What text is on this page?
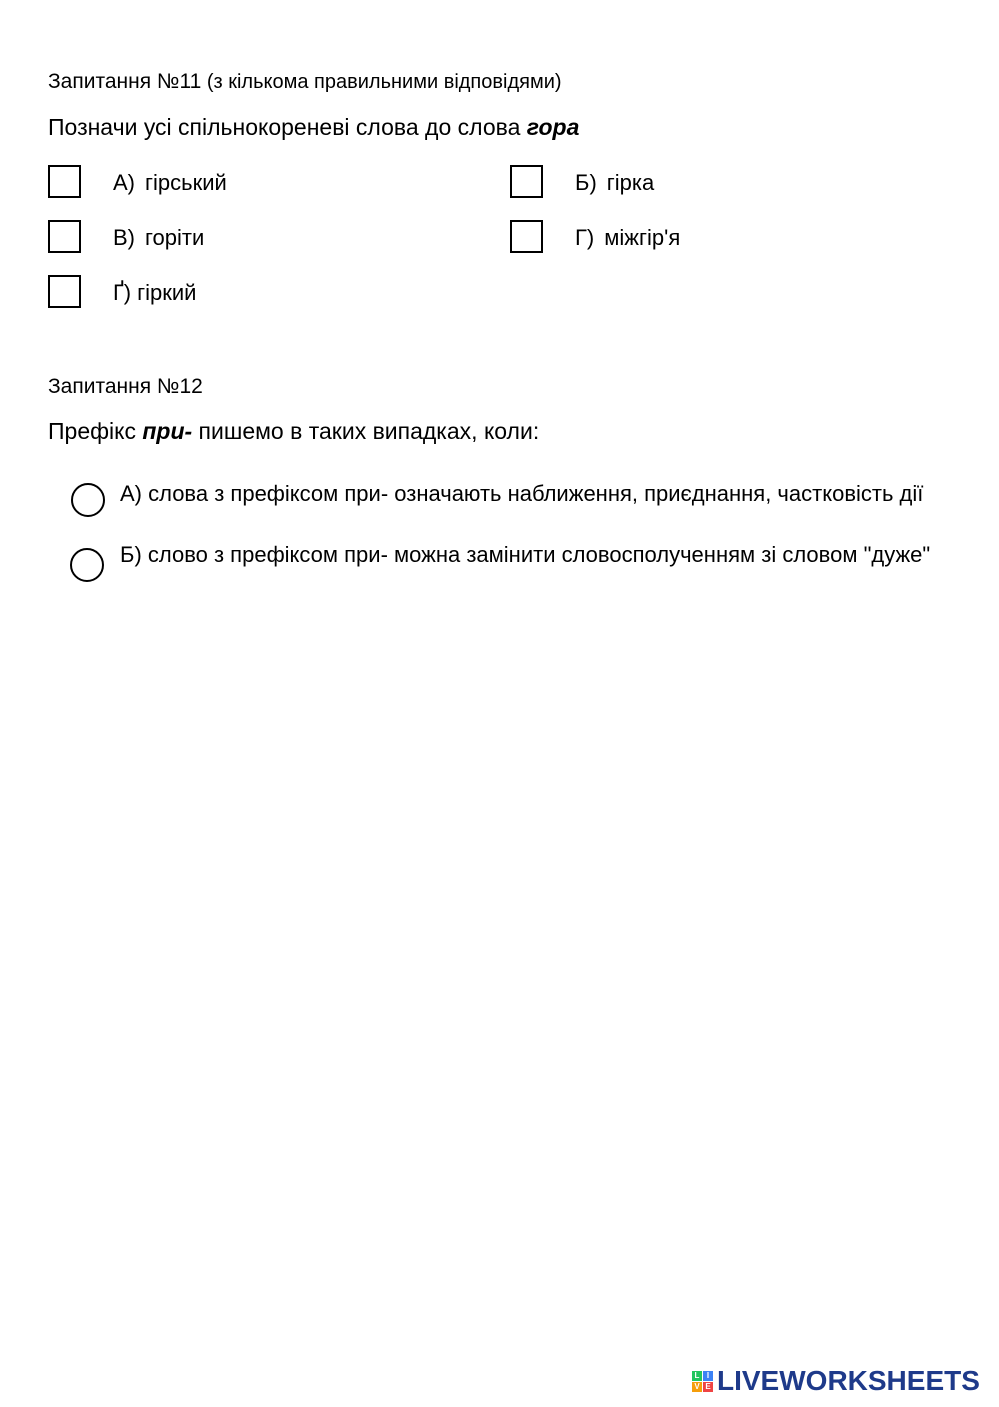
Запитання №11 (з кількома правильними відповідями)
Позначи усі спільнокореневі слова до слова гора
А) гірський	Б) гірка
В) горіти	Г) міжгір'я
Ґ) гіркий
Запитання №12
Префікс при- пишемо в таких випадках, коли:
А) слова з префіксом при- означають наближення, приєднання, частковість дії
Б) слово з префіксом при- можна замінити словосполученням зі словом "дуже"
L I
V E LIVEWORKSHEETS
